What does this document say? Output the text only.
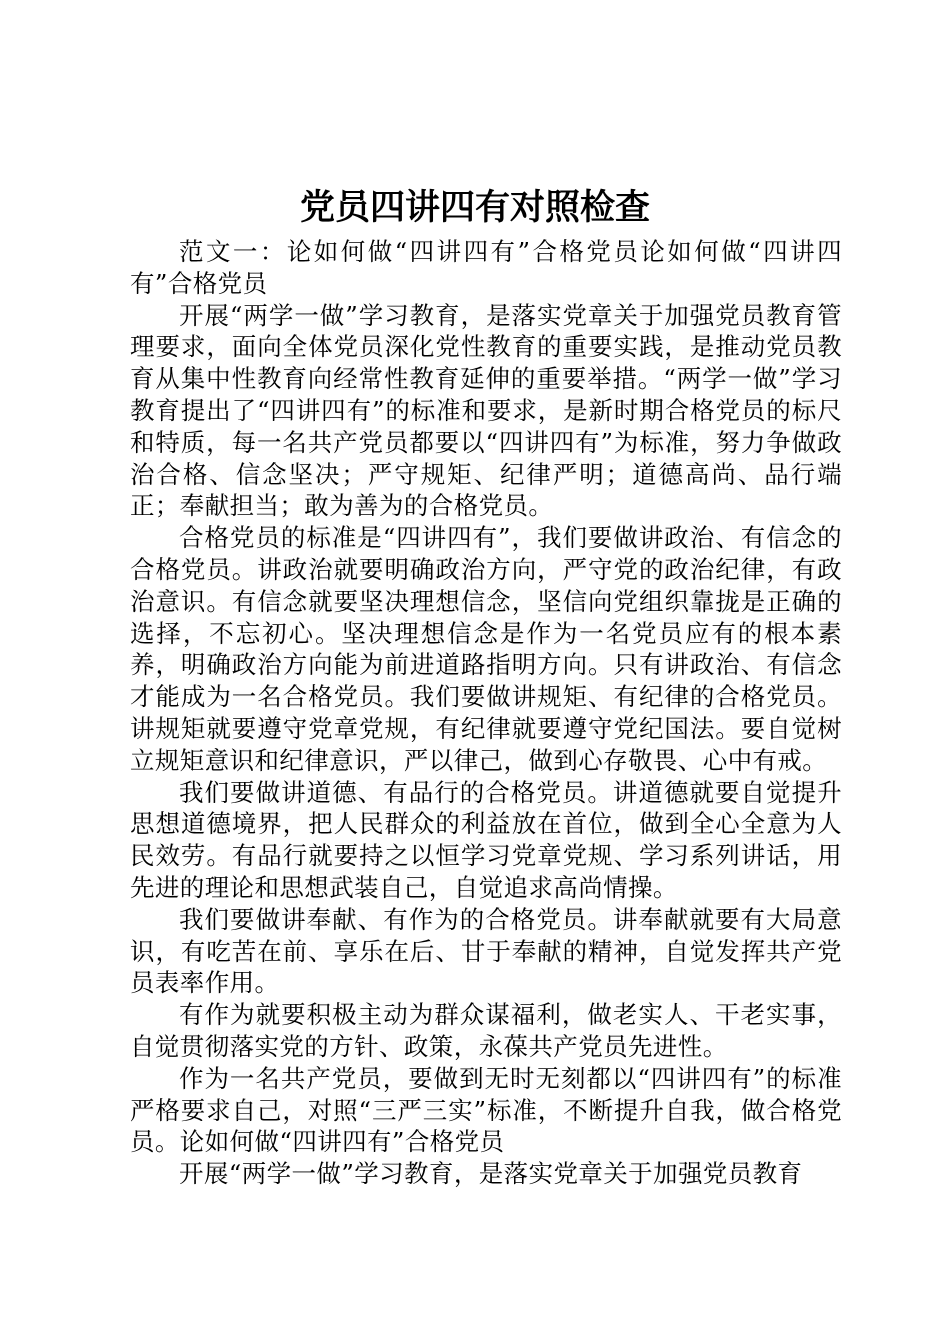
党员四讲四有对照检查

范文一：论如何做“四讲四有”合格党员论如何做“四讲四有”合格党员

开展“两学一做”学习教育，是落实党章关于加强党员教育管理要求，面向全体党员深化党性教育的重要实践，是推动党员教育从集中性教育向经常性教育延伸的重要举措。“两学一做”学习教育提出了“四讲四有”的标准和要求，是新时期合格党员的标尺和特质，每一名共产党员都要以“四讲四有”为标准，努力争做政治合格、信念坚决；严守规矩、纪律严明；道德高尚、品行端正；奉献担当；敢为善为的合格党员。

合格党员的标准是“四讲四有”，我们要做讲政治、有信念的合格党员。讲政治就要明确政治方向，严守党的政治纪律，有政治意识。有信念就要坚决理想信念，坚信向党组织靠拢是正确的选择，不忘初心。坚决理想信念是作为一名党员应有的根本素养，明确政治方向能为前进道路指明方向。只有讲政治、有信念才能成为一名合格党员。我们要做讲规矩、有纪律的合格党员。讲规矩就要遵守党章党规，有纪律就要遵守党纪国法。要自觉树立规矩意识和纪律意识，严以律己，做到心存敬畏、心中有戒。

我们要做讲道德、有品行的合格党员。讲道德就要自觉提升思想道德境界，把人民群众的利益放在首位，做到全心全意为人民效劳。有品行就要持之以恒学习党章党规、学习系列讲话，用先进的理论和思想武装自己，自觉追求高尚情操。

我们要做讲奉献、有作为的合格党员。讲奉献就要有大局意识，有吃苦在前、享乐在后、甘于奉献的精神，自觉发挥共产党员表率作用。

有作为就要积极主动为群众谋福利，做老实人、干老实事，自觉贯彻落实党的方针、政策，永葆共产党员先进性。

作为一名共产党员，要做到无时无刻都以“四讲四有”的标准严格要求自己，对照“三严三实”标准，不断提升自我，做合格党员。论如何做“四讲四有”合格党员

开展“两学一做”学习教育，是落实党章关于加强党员教育
